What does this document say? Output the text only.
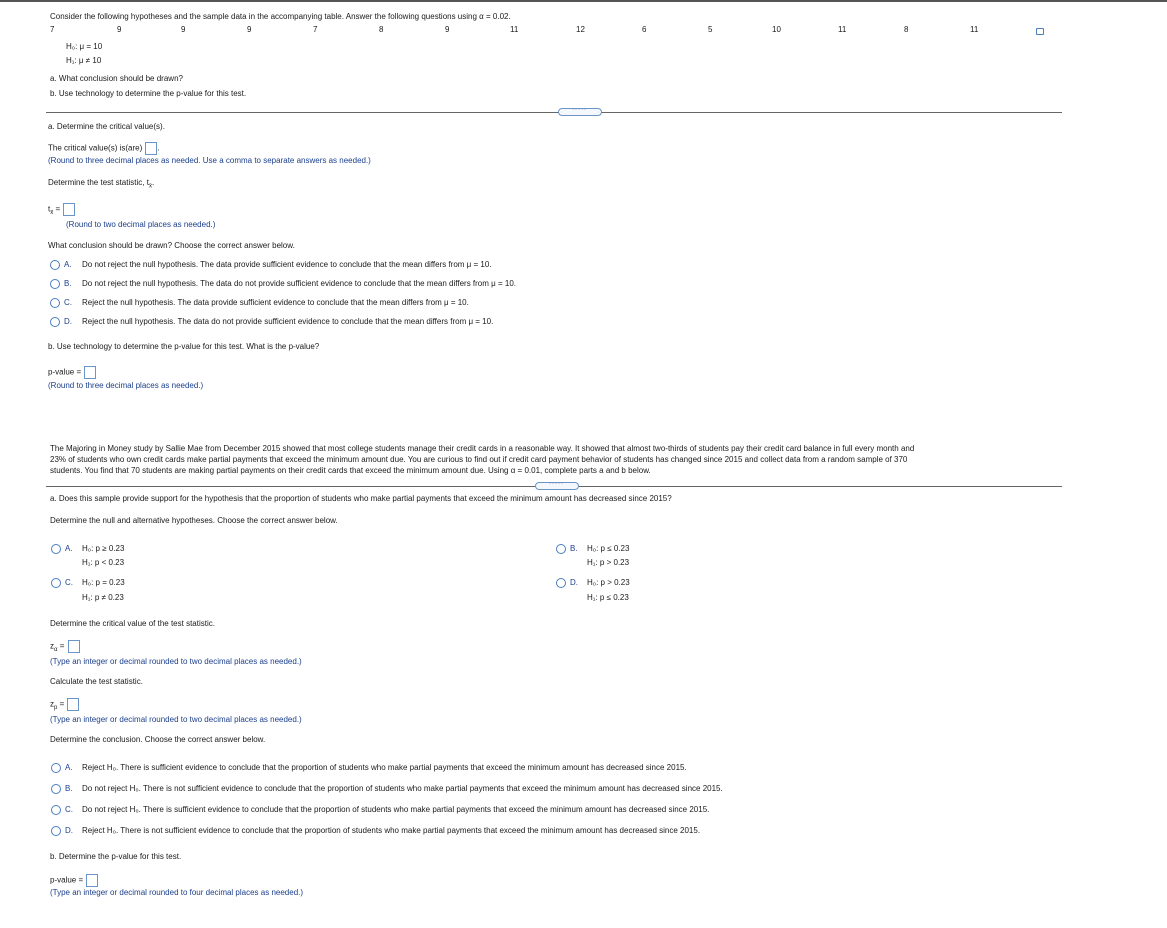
Consider the following hypotheses and the sample data in the accompanying table. Answer the following questions using α = 0.02.
7	9	9	9	7	8	9	11	12	6	5	10	11	8	11
H₀: μ = 10
H₁: μ ≠ 10
a. What conclusion should be drawn?
b. Use technology to determine the p-value for this test.
·····
a. Determine the critical value(s).
The critical value(s) is(are) .
(Round to three decimal places as needed. Use a comma to separate answers as needed.)
Determine the test statistic, $t_{x̄}$.
$t_{x̄}$ =
(Round to two decimal places as needed.)
What conclusion should be drawn? Choose the correct answer below.
A. Do not reject the null hypothesis. The data provide sufficient evidence to conclude that the mean differs from μ = 10.
B. Do not reject the null hypothesis. The data do not provide sufficient evidence to conclude that the mean differs from μ = 10.
C. Reject the null hypothesis. The data provide sufficient evidence to conclude that the mean differs from μ = 10.
D. Reject the null hypothesis. The data do not provide sufficient evidence to conclude that the mean differs from μ = 10.
b. Use technology to determine the p-value for this test. What is the p-value?
p-value =
(Round to three decimal places as needed.)
The Majoring in Money study by Sallie Mae from December 2015 showed that most college students manage their credit cards in a reasonable way. It showed that almost two-thirds of students pay their credit card balance in full every month and
23% of students who own credit cards make partial payments that exceed the minimum amount due. You are curious to find out if credit card payment behavior of students has changed since 2015 and collect data from a random sample of 370
students. You find that 70 students are making partial payments on their credit cards that exceed the minimum amount due. Using α = 0.01, complete parts a and b below.
·····
a. Does this sample provide support for the hypothesis that the proportion of students who make partial payments that exceed the minimum amount has decreased since 2015?
Determine the null and alternative hypotheses. Choose the correct answer below.
A. H₀: p ≥ 0.23
H₁: p < 0.23
B. H₀: p ≤ 0.23
H₁: p > 0.23
C. H₀: p = 0.23
H₁: p ≠ 0.23
D. H₀: p > 0.23
H₁: p ≤ 0.23
Determine the critical value of the test statistic.
$z_\alpha$ =
(Type an integer or decimal rounded to two decimal places as needed.)
Calculate the test statistic.
$z_p$ =
(Type an integer or decimal rounded to two decimal places as needed.)
Determine the conclusion. Choose the correct answer below.
A. Reject H₀. There is sufficient evidence to conclude that the proportion of students who make partial payments that exceed the minimum amount has decreased since 2015.
B. Do not reject H₀. There is not sufficient evidence to conclude that the proportion of students who make partial payments that exceed the minimum amount has decreased since 2015.
C. Do not reject H₀. There is sufficient evidence to conclude that the proportion of students who make partial payments that exceed the minimum amount has decreased since 2015.
D. Reject H₀. There is not sufficient evidence to conclude that the proportion of students who make partial payments that exceed the minimum amount has decreased since 2015.
b. Determine the p-value for this test.
p-value =
(Type an integer or decimal rounded to four decimal places as needed.)
